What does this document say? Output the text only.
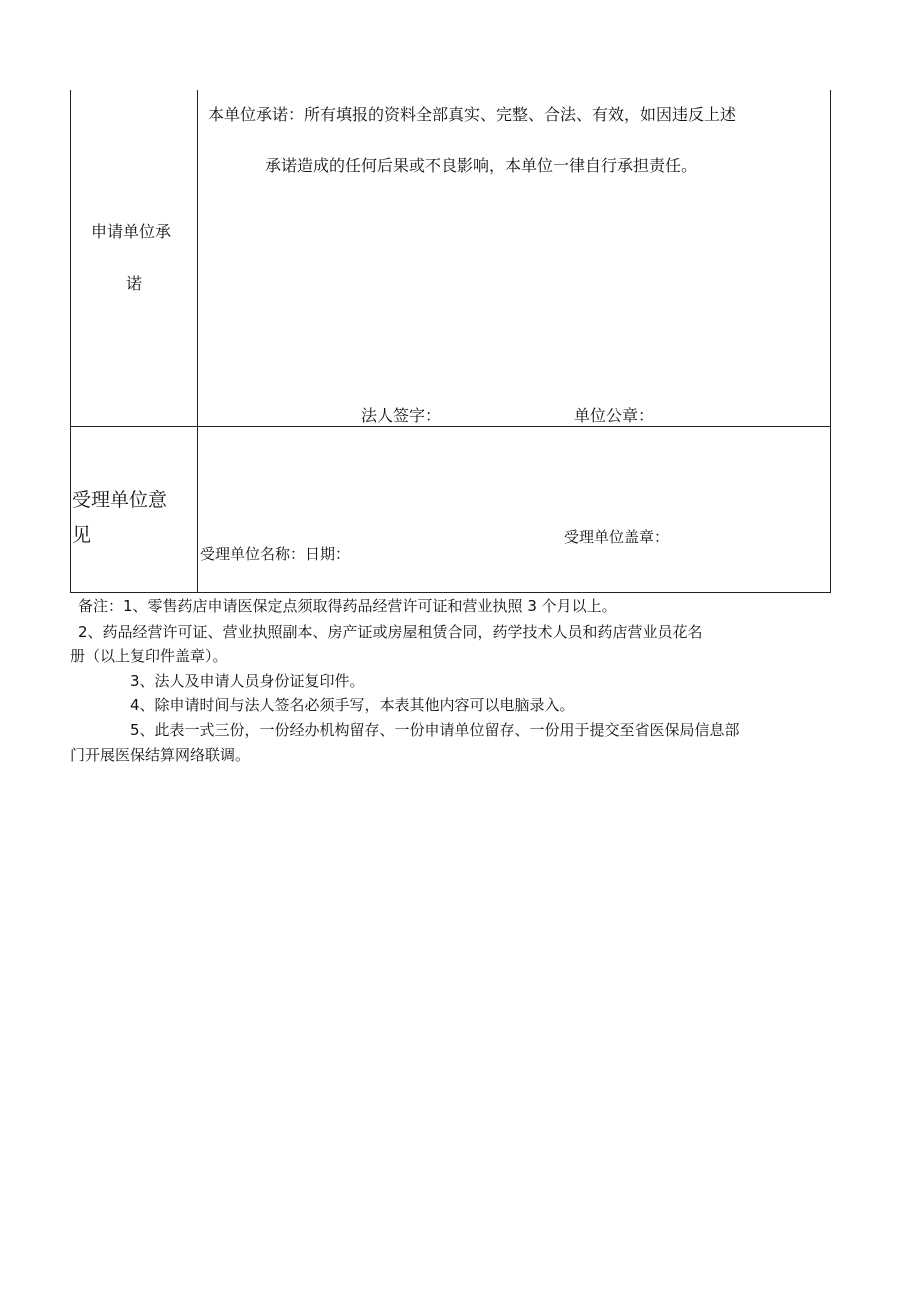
申请单位承
诺
本单位承诺：所有填报的资料全部真实、完整、合法、有效，如因违反上述
承诺造成的任何后果或不良影响，本单位一律自行承担责任。
法人签字：	单位公章：
受理单位意
见	受理单位盖章：
受理单位名称：日期：
备注：1、零售药店申请医保定点须取得药品经营许可证和营业执照 3 个月以上。
2、药品经营许可证、营业执照副本、房产证或房屋租赁合同，药学技术人员和药店营业员花名
册（以上复印件盖章）。
3、法人及申请人员身份证复印件。
4、除申请时间与法人签名必须手写，本表其他内容可以电脑录入。
5、此表一式三份，一份经办机构留存、一份申请单位留存、一份用于提交至省医保局信息部
门开展医保结算网络联调。
